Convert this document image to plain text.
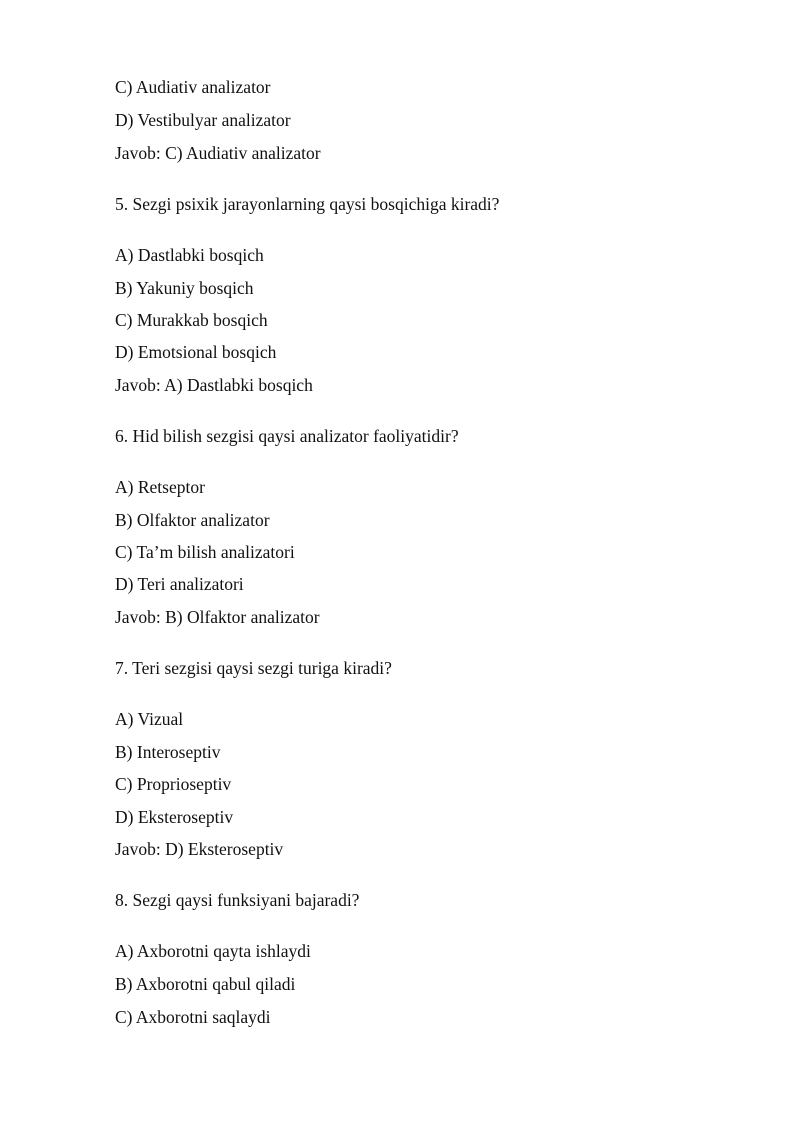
C) Audiativ analizator
D) Vestibulyar analizator
Javob: C) Audiativ analizator
5. Sezgi psixik jarayonlarning qaysi bosqichiga kiradi?
A) Dastlabki bosqich
B) Yakuniy bosqich
C) Murakkab bosqich
D) Emotsional bosqich
Javob: A) Dastlabki bosqich
6. Hid bilish sezgisi qaysi analizator faoliyatidir?
A) Retseptor
B) Olfaktor analizator
C) Ta’m bilish analizatori
D) Teri analizatori
Javob: B) Olfaktor analizator
7. Teri sezgisi qaysi sezgi turiga kiradi?
A) Vizual
B) Interoseptiv
C) Proprioseptiv
D) Eksteroseptiv
Javob: D) Eksteroseptiv
8. Sezgi qaysi funksiyani bajaradi?
A) Axborotni qayta ishlaydi
B) Axborotni qabul qiladi
C) Axborotni saqlaydi
